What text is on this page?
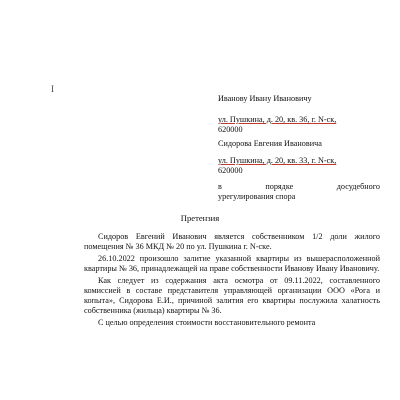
I
Иванову Ивану Ивановичу
ул. Пушкина, д. 20, кв. 36, г. N-ск,
620000
Сидорова Евгения Ивановича
ул. Пушкина, д. 20, кв. 33, г. N-ск,
620000
в	порядке	досудебного
урегулирования спора
Претензия

Сидоров Евгений Иванович является собственником 1/2 доли жилого помещения № 36 МКД № 20 по ул. Пушкина г. N-ске.

26.10.2022 произошло залитие указанной квартиры из вышерасположенной квартиры № 36, принадлежащей на праве собственности Иванову Ивану Ивановичу.

Как следует из содержания акта осмотра от 09.11.2022, составленного комиссией в составе представителя управляющей организации ООО «Рога и копыта», Сидорова Е.И., причиной залития его квартиры послужила халатность собственника (жильца) квартиры № 36.

С целью определения стоимости восстановительного ремонта
